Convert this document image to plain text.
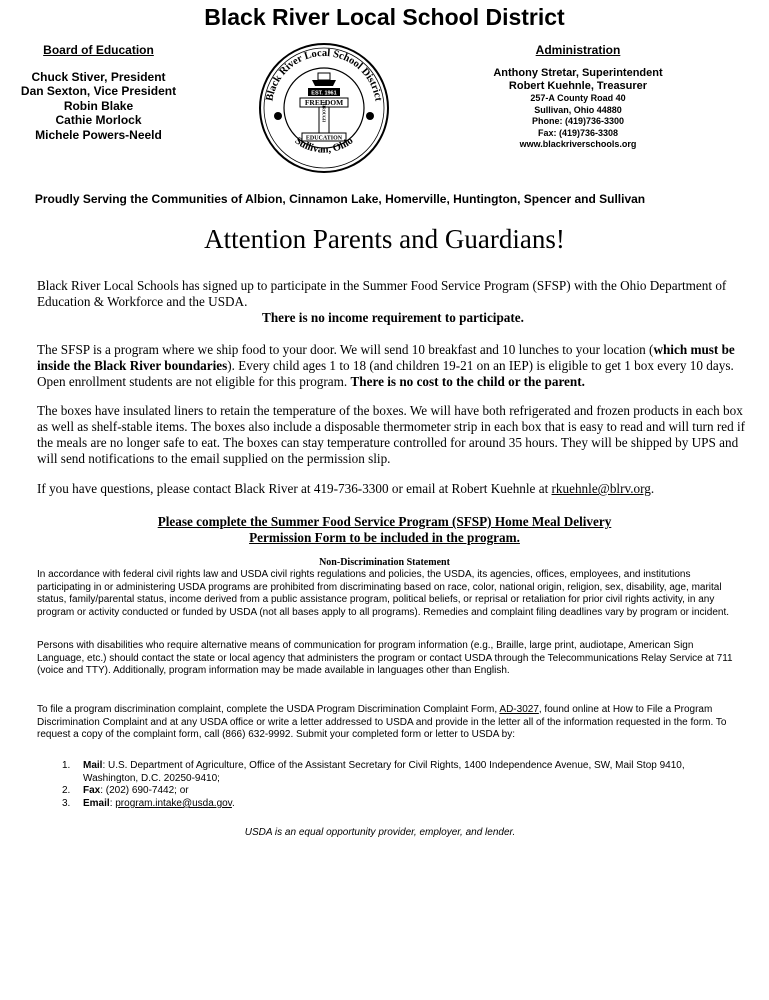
Black River Local School District
Board of Education
Chuck Stiver, President
Dan Sexton, Vice President
Robin Blake
Cathie Morlock
Michele Powers-Neeld
Black River Local School District
Sullivan, Ohio
EST. 1961
FREEDOM
THROUGH
EDUCATION
Administration
Anthony Stretar, Superintendent
Robert Kuehnle, Treasurer
257-A County Road 40
Sullivan, Ohio 44880
Phone: (419)736-3300
Fax: (419)736-3308
www.blackriverschools.org
Proudly Serving the Communities of Albion, Cinnamon Lake, Homerville, Huntington, Spencer and Sullivan
Attention Parents and Guardians!
Black River Local Schools has signed up to participate in the Summer Food Service Program (SFSP) with the Ohio Department of Education & Workforce and the USDA.
There is no income requirement to participate.
The SFSP is a program where we ship food to your door. We will send 10 breakfast and 10 lunches to your location (which must be inside the Black River boundaries). Every child ages 1 to 18 (and children 19-21 on an IEP) is eligible to get 1 box every 10 days. Open enrollment students are not eligible for this program. There is no cost to the child or the parent.
The boxes have insulated liners to retain the temperature of the boxes. We will have both refrigerated and frozen products in each box as well as shelf-stable items. The boxes also include a disposable thermometer strip in each box that is easy to read and will turn red if the meals are no longer safe to eat. The boxes can stay temperature controlled for around 35 hours. They will be shipped by UPS and will send notifications to the email supplied on the permission slip.
If you have questions, please contact Black River at 419-736-3300 or email at Robert Kuehnle at rkuehnle@blrv.org.
Please complete the Summer Food Service Program (SFSP) Home Meal Delivery
Permission Form to be included in the program.
Non-Discrimination Statement
In accordance with federal civil rights law and USDA civil rights regulations and policies, the USDA, its agencies, offices, employees, and institutions participating in or administering USDA programs are prohibited from discriminating based on race, color, national origin, religion, sex, disability, age, marital status, family/parental status, income derived from a public assistance program, political beliefs, or reprisal or retaliation for prior civil rights activity, in any program or activity conducted or funded by USDA (not all bases apply to all programs). Remedies and complaint filing deadlines vary by program or incident.
Persons with disabilities who require alternative means of communication for program information (e.g., Braille, large print, audiotape, American Sign Language, etc.) should contact the state or local agency that administers the program or contact USDA through the Telecommunications Relay Service at 711 (voice and TTY). Additionally, program information may be made available in languages other than English.
To file a program discrimination complaint, complete the USDA Program Discrimination Complaint Form, AD-3027, found online at How to File a Program Discrimination Complaint and at any USDA office or write a letter addressed to USDA and provide in the letter all of the information requested in the form. To request a copy of the complaint form, call (866) 632-9992. Submit your completed form or letter to USDA by:
1. Mail: U.S. Department of Agriculture, Office of the Assistant Secretary for Civil Rights, 1400 Independence Avenue, SW, Mail Stop 9410, Washington, D.C. 20250-9410;
2. Fax: (202) 690-7442; or
3. Email: program.intake@usda.gov.
USDA is an equal opportunity provider, employer, and lender.
